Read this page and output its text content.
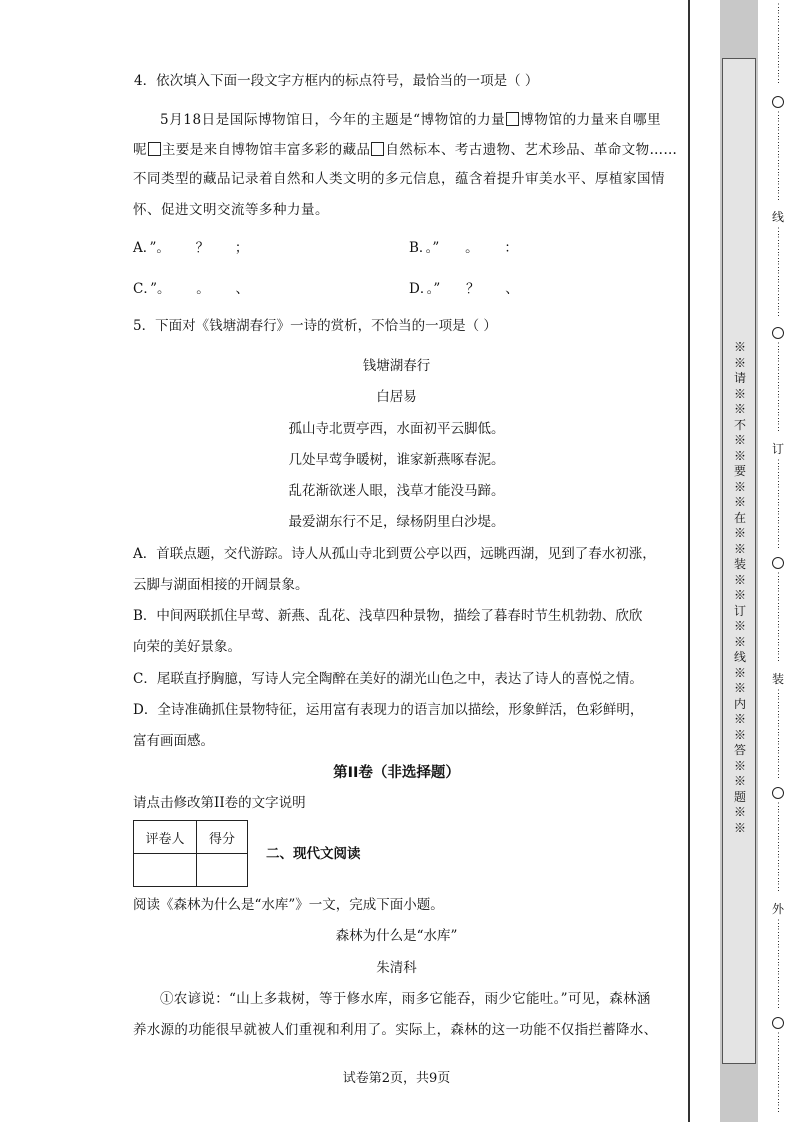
4．依次填入下面一段文字方框内的标点符号，最恰当的一项是（ ）
5月18日是国际博物馆日，今年的主题是“博物馆的力量 博物馆的力量来自哪里
呢 主要是来自博物馆丰富多彩的藏品 自然标本、考古遗物、艺术珍品、革命文物……
不同类型的藏品记录着自然和人类文明的多元信息，蕴含着提升审美水平、厚植家国情
怀、促进文明交流等多种力量。
A．”。      ？      ；	B．。”      。      ：
C．”。      。      、	D．。”      ？      、
5．下面对《钱塘湖春行》一诗的赏析，不恰当的一项是（ ）
钱塘湖春行
白居易
孤山寺北贾亭西，水面初平云脚低。
几处早莺争暖树，谁家新燕啄春泥。
乱花渐欲迷人眼，浅草才能没马蹄。
最爱湖东行不足，绿杨阴里白沙堤。
A．首联点题，交代游踪。诗人从孤山寺北到贾公亭以西，远眺西湖，见到了春水初涨，
云脚与湖面相接的开阔景象。
B．中间两联抓住早莺、新燕、乱花、浅草四种景物，描绘了暮春时节生机勃勃、欣欣
向荣的美好景象。
C．尾联直抒胸臆，写诗人完全陶醉在美好的湖光山色之中，表达了诗人的喜悦之情。
D．全诗准确抓住景物特征，运用富有表现力的语言加以描绘，形象鲜活，色彩鲜明，
富有画面感。
第II卷（非选择题）
请点击修改第II卷的文字说明
评卷人	得分

二、现代文阅读
阅读《森林为什么是“水库”》一文，完成下面小题。
森林为什么是“水库”
朱清科
①农谚说：“山上多栽树，等于修水库，雨多它能吞，雨少它能吐。”可见，森林涵
养水源的功能很早就被人们重视和利用了。实际上，森林的这一功能不仅指拦蓄降水、
试卷第2页，共9页
※※请※※不※※要※※在※※装※※订※※线※※内※※答※※题※※
⋮⋮⋮⋮⋮⋮⋮⋮⋮
⋮⋮⋮⋮⋮⋮⋮⋮⋮⋮
线
⋮⋮⋮⋮⋮⋮⋮⋮⋮⋮
⋮⋮⋮⋮⋮⋮⋮⋮⋮⋮
订
⋮⋮⋮⋮⋮⋮⋮⋮⋮⋮
⋮⋮⋮⋮⋮⋮⋮⋮⋮⋮
装
⋮⋮⋮⋮⋮⋮⋮⋮⋮⋮
⋮⋮⋮⋮⋮⋮⋮⋮⋮⋮
外
⋮⋮⋮⋮⋮⋮⋮⋮⋮⋮
⋮⋮⋮⋮⋮⋮⋮⋮⋮
